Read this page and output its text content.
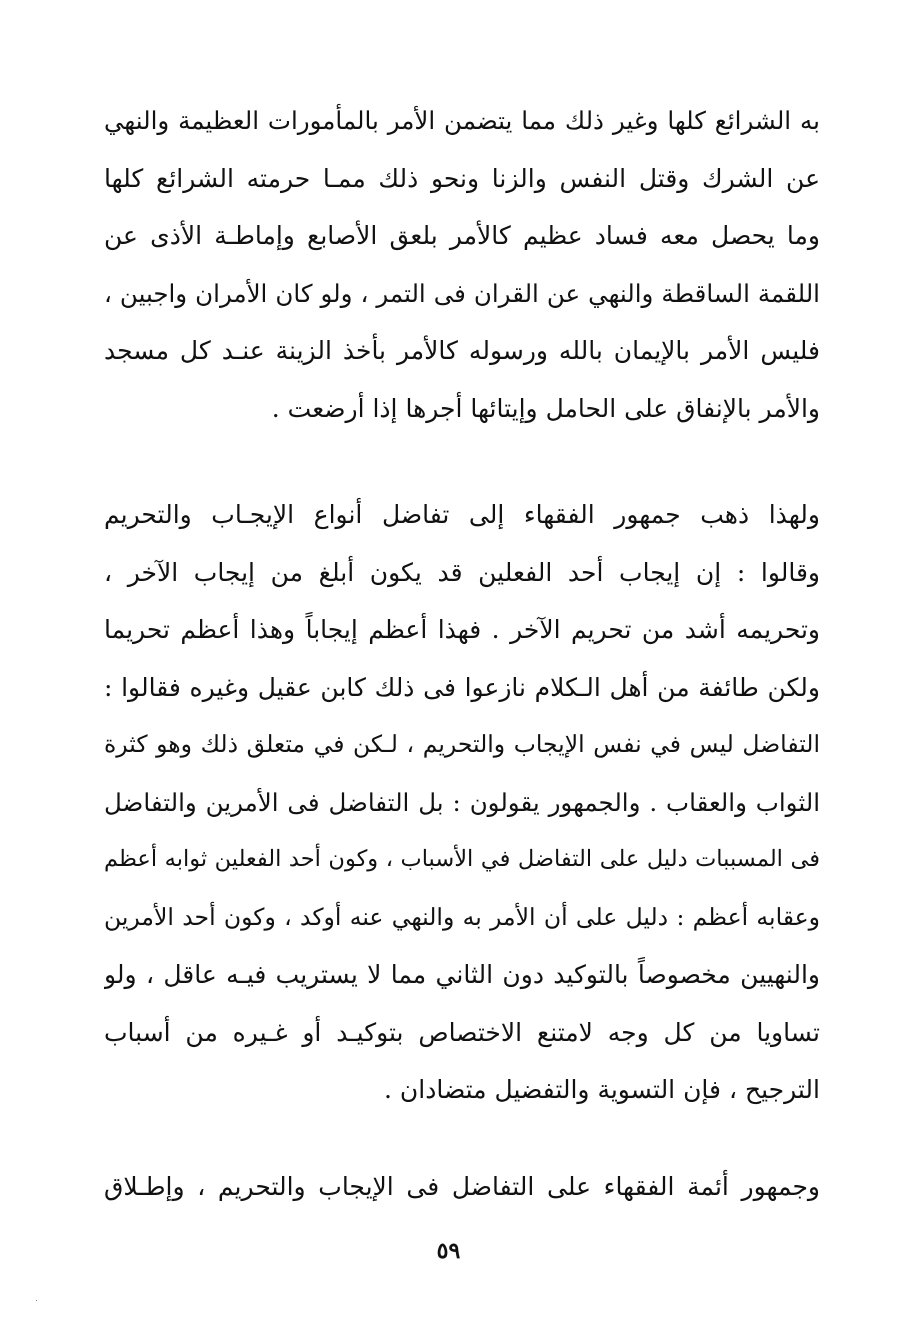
به الشرائع كلها وغير ذلك مما يتضمن الأمر بالمأمورات العظيمة والنهي
عن الشرك وقتل النفس والزنا ونحو ذلك ممـا حرمته الشرائع كلها
وما يحصل معه فساد عظيم كالأمر بلعق الأصابع وإماطـة الأذى عن
اللقمة الساقطة والنهي عن القران فى التمر ، ولو كان الأمران واجبين ،
فليس الأمر بالإيمان بالله ورسوله كالأمر بأخذ الزينة عنـد كل مسجد
والأمر بالإنفاق على الحامل وإيتائها أجرها إذا أرضعت .
ولهذا ذهب جمهور الفقهاء إلى تفاضل أنواع الإيجـاب والتحريم
وقالوا : إن إيجاب أحد الفعلين قد يكون أبلغ من إيجاب الآخر ،
وتحريمه أشد من تحريم الآخر . فهذا أعظم إيجاباً وهذا أعظم تحريما
ولكن طائفة من أهل الـكلام نازعوا فى ذلك كابن عقيل وغيره فقالوا :
التفاضل ليس في نفس الإيجاب والتحريم ، لـكن في متعلق ذلك وهو كثرة
الثواب والعقاب . والجمهور يقولون : بل التفاضل فى الأمرين والتفاضل
فى المسببات دليل على التفاضل في الأسباب ، وكون أحد الفعلين ثوابه أعظم
وعقابه أعظم : دليل على أن الأمر به والنهي عنه أوكد ، وكون أحد الأمرين
والنهيين مخصوصاً بالتوكيد دون الثاني مما لا يستريب فيـه عاقل ، ولو
تساويا من كل وجه لامتنع الاختصاص بتوكيـد أو غـيره من أسباب
الترجيح ، فإن التسوية والتفضيل متضادان .
وجمهور أئمة الفقهاء على التفاضل فى الإيجاب والتحريم ، وإطـلاق
٥٩
